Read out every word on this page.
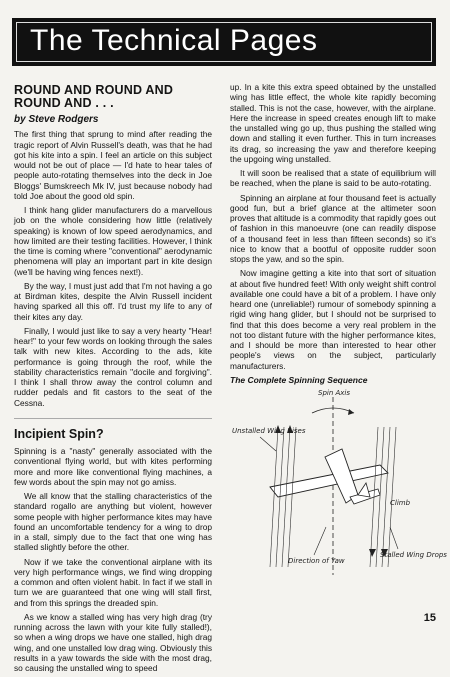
The Technical Pages
ROUND AND ROUND AND ROUND AND . . .
by Steve Rodgers

The first thing that sprung to mind after reading the tragic report of Alvin Russell's death, was that he had got his kite into a spin. I feel an article on this subject would not be out of place — I'd hate to hear tales of people auto-rotating themselves into the deck in Joe Bloggs' Bumskreech Mk IV, just because nobody had told Joe about the good old spin.

I think hang glider manufacturers do a marvellous job on the whole considering how little (relatively speaking) is known of low speed aerodynamics, and how limited are their testing facilities. However, I think the time is coming where "conventional" aerodynamic phenomena will play an important part in kite design (we'll be having wing fences next!).

By the way, I must just add that I'm not having a go at Birdman kites, despite the Alvin Russell incident having sparked all this off. I'd trust my life to any of their kites any day.

Finally, I would just like to say a very hearty "Hear! hear!" to your few words on looking through the sales talk with new kites. According to the ads, kite performance is going through the roof, while the stability characteristics remain "docile and forgiving". I think I shall throw away the control column and rudder pedals and fit castors to the seat of the Cessna.

Incipient Spin?

Spinning is a "nasty" generally associated with the conventional flying world, but with kites performing more and more like conventional flying machines, a few words about the spin may not go amiss.

We all know that the stalling characteristics of the standard rogallo are anything but violent, however some people with higher performance kites may have found an uncomfortable tendency for a wing to drop in a stall, simply due to the fact that one wing has stalled slightly before the other.

Now if we take the conventional airplane with its very high performance wings, we find wing dropping a common and often violent habit. In fact if we stall in turn we are guaranteed that one wing will stall first, and from this springs the dreaded spin.

As we know a stalled wing has very high drag (try running across the lawn with your kite fully stalled!), so when a wing drops we have one stalled, high drag wing, and one unstalled low drag wing. Obviously this results in a yaw towards the side with the most drag, so causing the unstalled wing to speed

up. In a kite this extra speed obtained by the unstalled wing has little effect, the whole kite rapidly becoming stalled. This is not the case, however, with the airplane. Here the increase in speed creates enough lift to make the unstalled wing go up, thus pushing the stalled wing down and stalling it even further. This in turn increases its drag, so increasing the yaw and therefore keeping the upgoing wing unstalled.

It will soon be realised that a state of equilibrium will be reached, when the plane is said to be auto-rotating.

Spinning an airplane at four thousand feet is actually good fun, but a brief glance at the altimeter soon proves that altitude is a commodity that rapidly goes out of fashion in this manoeuvre (one can readily dispose of a thousand feet in less than fifteen seconds) so it's nice to know that a bootful of opposite rudder soon stops the yaw, and so the spin.

Now imagine getting a kite into that sort of situation at about five hundred feet! With only weight shift control available one could have a bit of a problem. I have only heard one (unreliable!) rumour of somebody spinning a rigid wing hang glider, but I should not be surprised to find that this does become a very real problem in the not too distant future with the higher performance kites, and I should be more than interested to hear other people's views on the subject, particularly manufacturers.

The Complete Spinning Sequence
Spin Axis
Unstalled Wing Rises
Climb
Direction of Yaw
Stalled Wing Drops
15
